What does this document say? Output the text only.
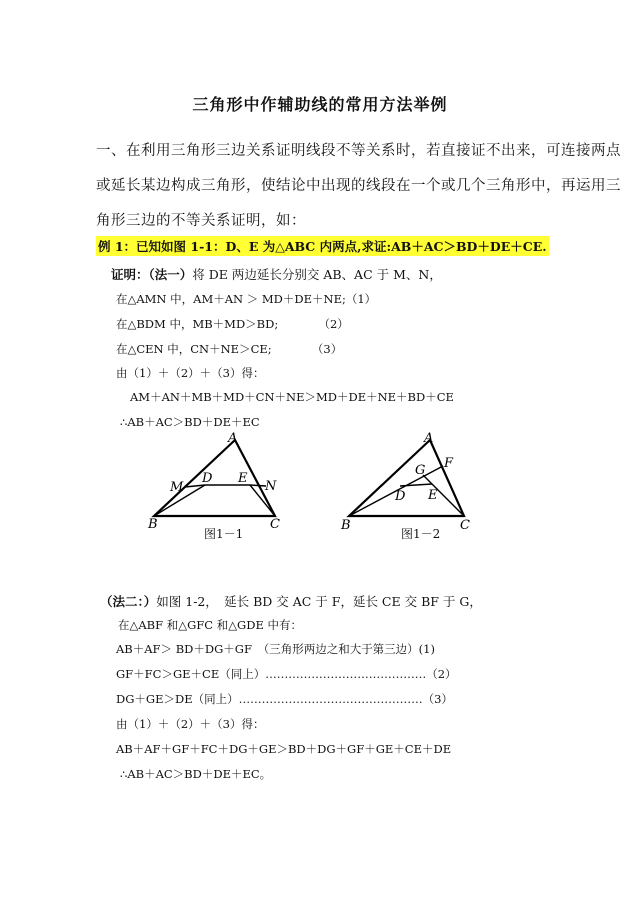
三角形中作辅助线的常用方法举例
一、在利用三角形三边关系证明线段不等关系时，若直接证不出来，可连接两点
或延长某边构成三角形，使结论中出现的线段在一个或几个三角形中，再运用三
角形三边的不等关系证明，如：
例 1：已知如图 1-1：D、E 为△ABC 内两点,求证:AB＋AC＞BD＋DE＋CE.
证明：（法一）将 DE 两边延长分别交 AB、AC 于 M、N，
在△AMN 中，AM＋AN ＞ MD＋DE＋NE;（1）
在△BDM 中，MB＋MD＞BD;　　　　（2）
在△CEN 中，CN＋NE＞CE;　　　　（3）
由（1）＋（2）＋（3）得：
AM＋AN＋MB＋MD＋CN＋NE＞MD＋DE＋NE＋BD＋CE
∴AB＋AC＞BD＋DE＋EC
A
B	C
M
D E
N
图1－1
A
B	C
G F
D E
图1－2
（法二：）如图 1-2，　延长 BD 交 AC 于 F，延长 CE 交 BF 于 G，
在△ABF 和△GFC 和△GDE 中有：
AB＋AF＞ BD＋DG＋GF　（三角形两边之和大于第三边）(1)
GF＋FC＞GE＋CE（同上）……………………………………（2）
DG＋GE＞DE（同上）…………………………………………（3）
由（1）＋（2）＋（3）得：
AB＋AF＋GF＋FC＋DG＋GE＞BD＋DG＋GF＋GE＋CE＋DE
∴AB＋AC＞BD＋DE＋EC。
